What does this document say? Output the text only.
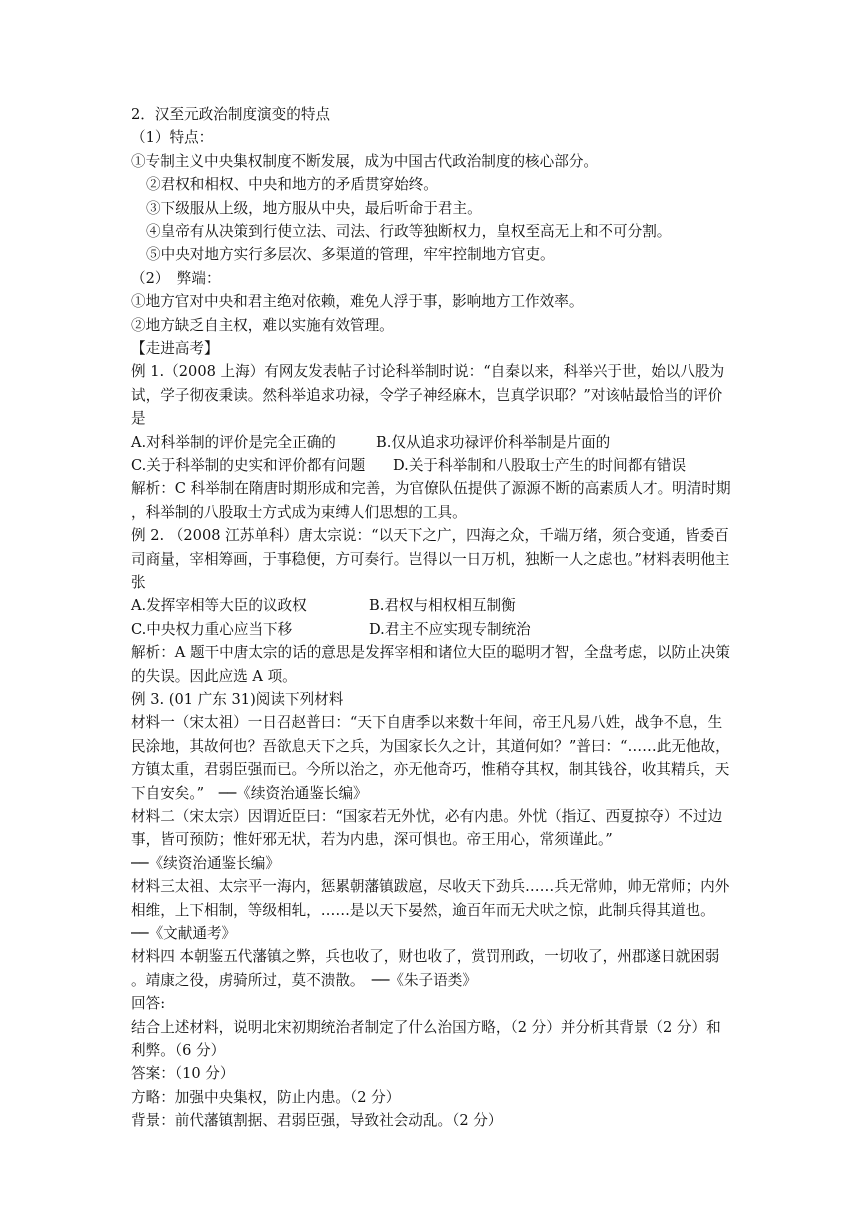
2．汉至元政治制度演变的特点
（1）特点：
①专制主义中央集权制度不断发展，成为中国古代政治制度的核心部分。
②君权和相权、中央和地方的矛盾贯穿始终。
③下级服从上级，地方服从中央，最后听命于君主。
④皇帝有从决策到行使立法、司法、行政等独断权力，皇权至高无上和不可分割。
⑤中央对地方实行多层次、多渠道的管理，牢牢控制地方官吏。
（2）　弊端：
①地方官对中央和君主绝对依赖，难免人浮于事，影响地方工作效率。
②地方缺乏自主权，难以实施有效管理。
【走进高考】
例 1.（2008 上海）有网友发表帖子讨论科举制时说：“自秦以来，科举兴于世，始以八股为试，学子彻夜秉读。然科举追求功禄，令学子神经麻木，岂真学识耶？”对该帖最恰当的评价是
A.对科举制的评价是完全正确的	B.仅从追求功禄评价科举制是片面的
C.关于科举制的史实和评价都有问题	D.关于科举制和八股取士产生的时间都有错误
解析：C 科举制在隋唐时期形成和完善，为官僚队伍提供了源源不断的高素质人才。明清时期，科举制的八股取士方式成为束缚人们思想的工具。
例 2. （2008 江苏单科）唐太宗说：“以天下之广，四海之众，千端万绪，须合变通，皆委百司商量，宰相筹画，于事稳便，方可奏行。岂得以一日万机，独断一人之虑也。”材料表明他主张
A.发挥宰相等大臣的议政权	B.君权与相权相互制衡
C.中央权力重心应当下移	D.君主不应实现专制统治
解析：A 题干中唐太宗的话的意思是发挥宰相和诸位大臣的聪明才智，全盘考虑，以防止决策的失误。因此应选 A 项。
例 3. (01 广东 31)阅读下列材料
材料一（宋太祖）一日召赵普曰：“天下自唐季以来数十年间，帝王凡易八姓，战争不息，生民涂地，其故何也？吾欲息天下之兵，为国家长久之计，其道何如？”普曰：“……此无他故，方镇太重，君弱臣强而已。今所以治之，亦无他奇巧，惟稍夺其权，制其钱谷，收其精兵，天下自安矣。”　──《续资治通鉴长编》
材料二（宋太宗）因谓近臣曰：“国家若无外忧，必有内患。外忧（指辽、西夏掠夺）不过边事，皆可预防；惟奸邪无状，若为内患，深可惧也。帝王用心，常须谨此。”
──《续资治通鉴长编》
材料三太祖、太宗平一海内，惩累朝藩镇跋扈，尽收天下劲兵……兵无常帅，帅无常师；内外相维，上下相制，等级相轧，……是以天下晏然，逾百年而无犬吠之惊，此制兵得其道也。
──《文献通考》
材料四 本朝鉴五代藩镇之弊，兵也收了，财也收了，赏罚刑政，一切收了，州郡遂日就困弱。靖康之役，虏骑所过，莫不溃散。　──《朱子语类》
回答:
结合上述材料，说明北宋初期统治者制定了什么治国方略，（2 分）并分析其背景（2 分）和利弊。（6 分）
答案：（10 分）
方略：加强中央集权，防止内患。（2 分）
背景：前代藩镇割据、君弱臣强，导致社会动乱。（2 分）
